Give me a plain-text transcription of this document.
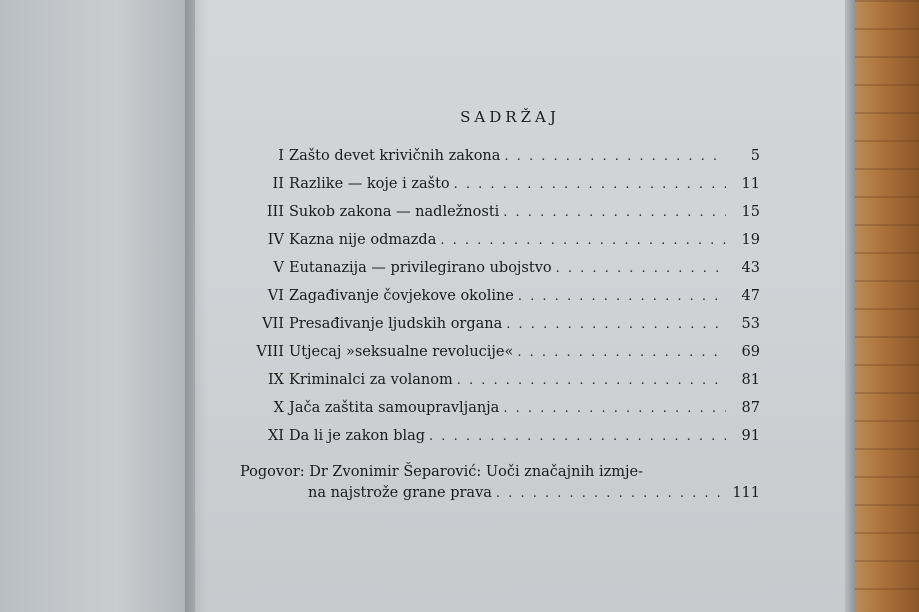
SADRŽAJ
I Zašto devet krivičnih zakona . . .	5
II Razlike — koje i zašto . . .	11
III Sukob zakona — nadležnosti . . .	15
IV Kazna nije odmazda . . .	19
V Eutanazija — privilegirano ubojstvo . . .	43
VI Zagađivanje čovjekove okoline . . .	47
VII Presađivanje ljudskih organa . . .	53
VIII Utjecaj »seksualne revolucije« . . .	69
IX Kriminalci za volanom . . .	81
X Jača zaštita samoupravljanja . . .	87
XI Da li je zakon blag . . .	91
Pogovor: Dr Zvonimir Šeparović: Uoči značajnih izmje-
na najstrože grane prava . . .	111
